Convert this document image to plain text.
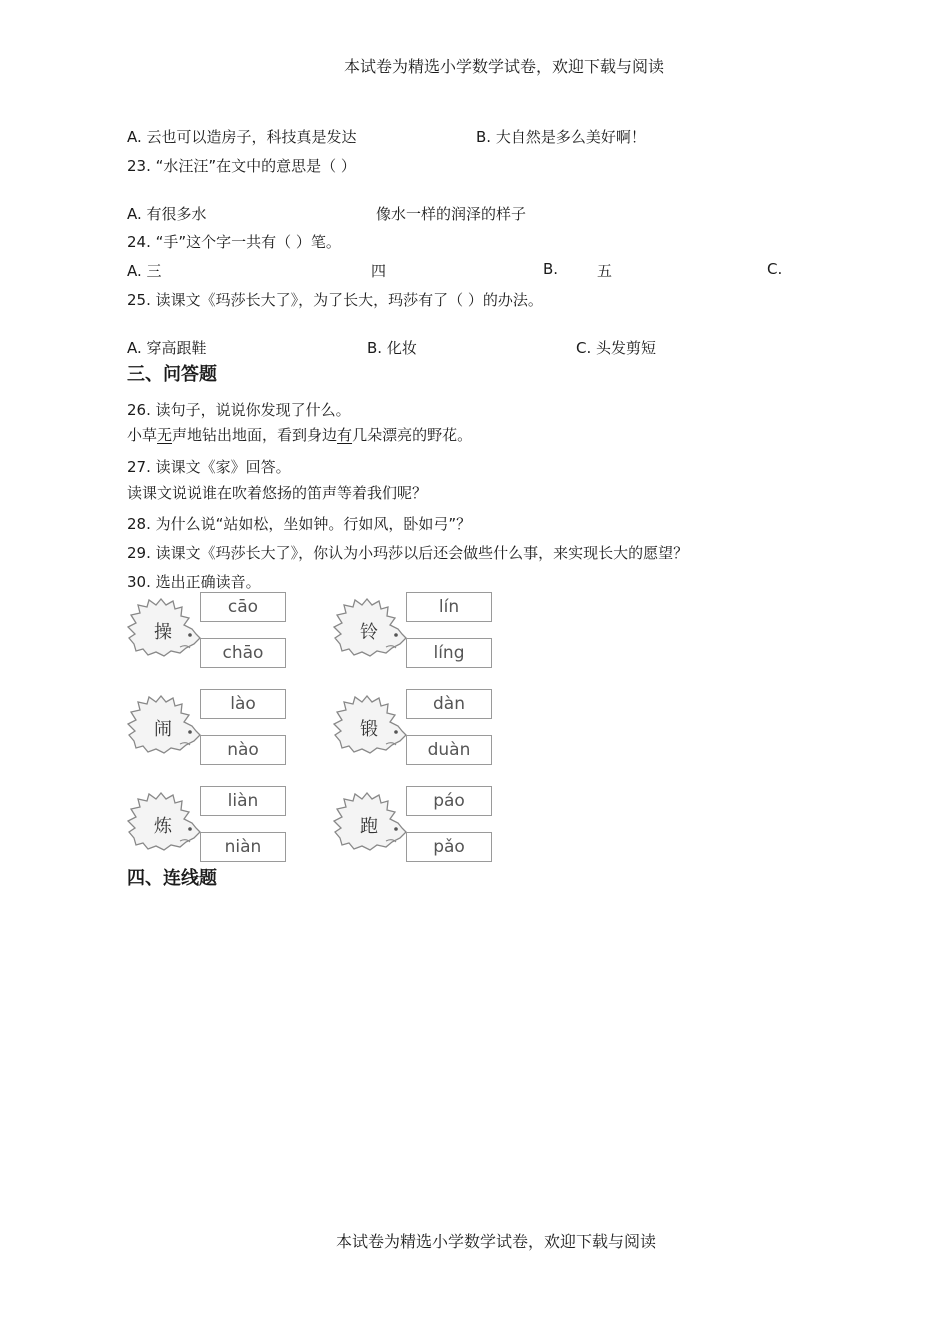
本试卷为精选小学数学试卷，欢迎下载与阅读
A. 云也可以造房子，科技真是发达	B. 大自然是多么美好啊！
23. “水汪汪”在文中的意思是（ ）
A. 有很多水	像水一样的润泽的样子
24. “手”这个字一共有（ ）笔。
A. 三	四	B.	五	C.
25. 读课文《玛莎长大了》，为了长大，玛莎有了（ ）的办法。
A. 穿高跟鞋	B. 化妆	C. 头发剪短
三、问答题
26. 读句子，说说你发现了什么。
小草无声地钻出地面，看到身边有几朵漂亮的野花。
27. 读课文《家》回答。
读课文说说谁在吹着悠扬的笛声等着我们呢？
28. 为什么说“站如松，坐如钟。行如风，卧如弓”？
29. 读课文《玛莎长大了》，你认为小玛莎以后还会做些什么事，来实现长大的愿望？
30. 选出正确读音。
操
cāo
chāo
铃
lín
líng
闹
lào
nào
锻
dàn
duàn
炼
liàn
niàn
跑
páo
pǎo
四、连线题
本试卷为精选小学数学试卷，欢迎下载与阅读
